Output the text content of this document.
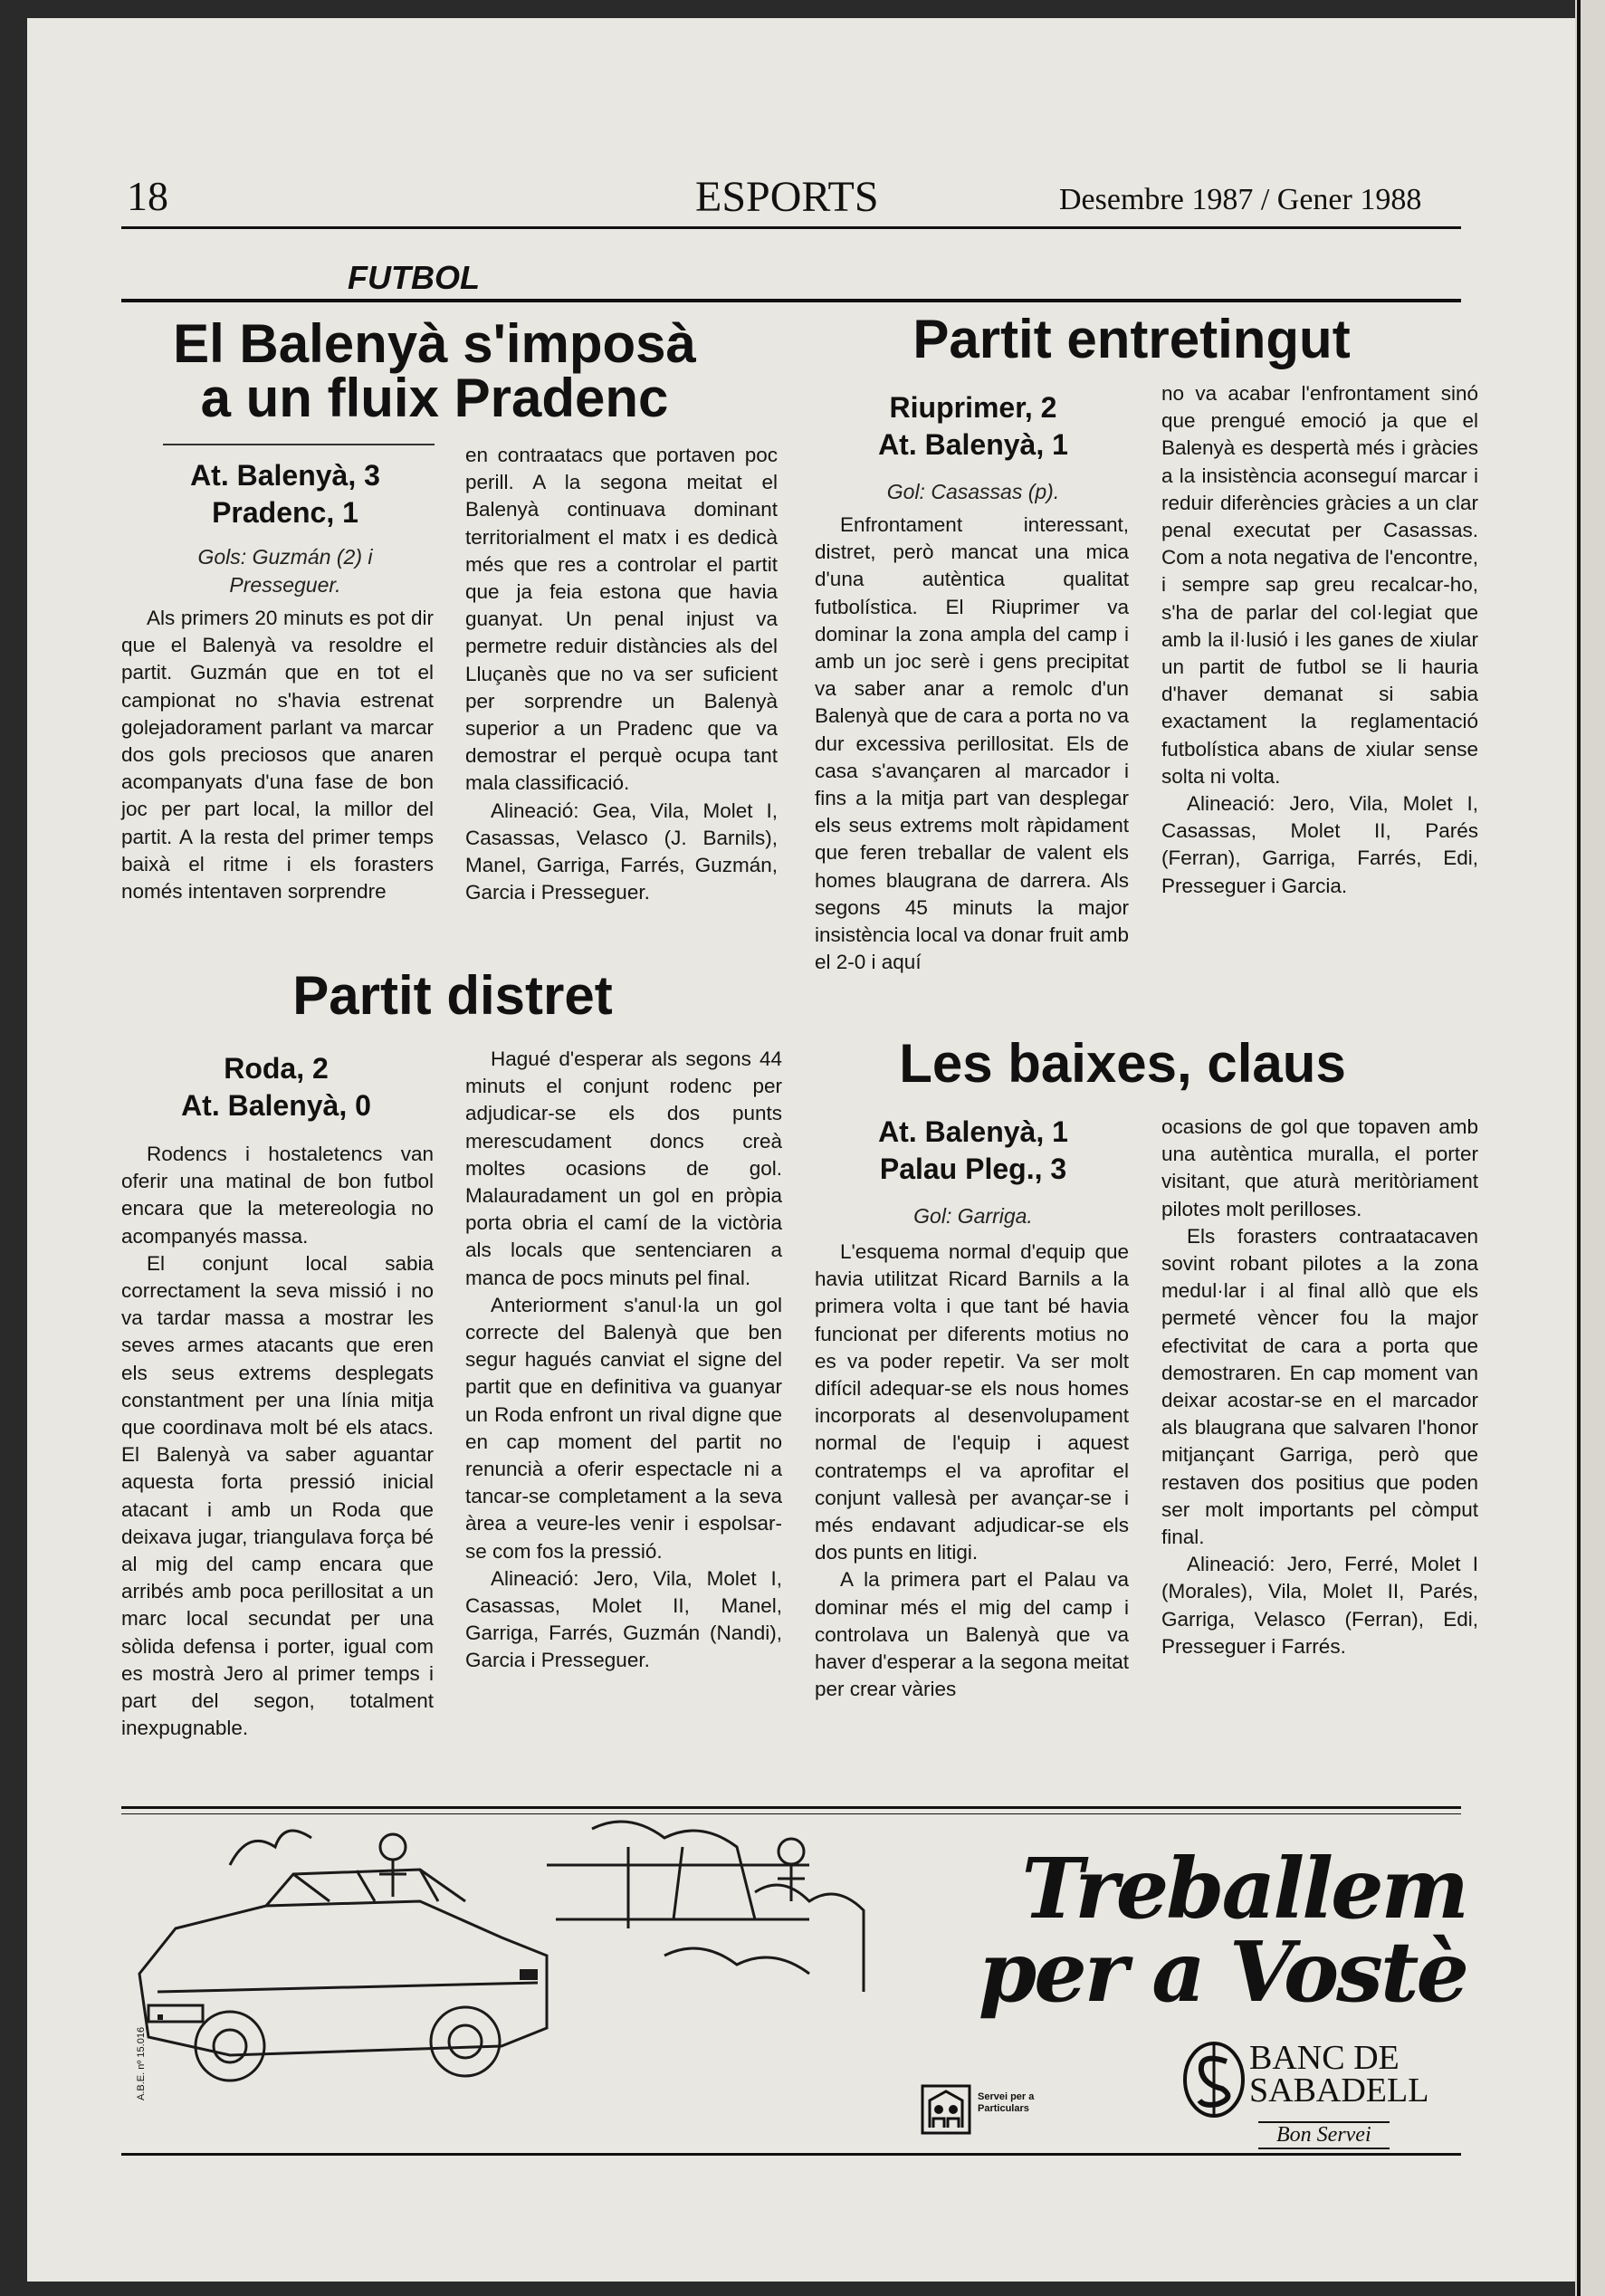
18	ESPORTS	Desembre 1987 / Gener 1988
FUTBOL
El Balenyà s'imposà
a un fluix Pradenc
At. Balenyà, 3
Pradenc, 1
Gols: Guzmán (2) i
Presseguer.

Als primers 20 minuts es pot dir que el Balenyà va resoldre el partit. Guzmán que en tot el campionat no s'havia estrenat golejadorament parlant va marcar dos gols preciosos que anaren acompanyats d'una fase de bon joc per part local, la millor del partit. A la resta del primer temps baixà el ritme i els forasters només intentaven sorprendre

en contraatacs que portaven poc perill. A la segona meitat el Balenyà continuava dominant territorialment el matx i es dedicà més que res a controlar el partit que ja feia estona que havia guanyat. Un penal injust va permetre reduir distàncies als del Lluçanès que no va ser suficient per sorprendre un Balenyà superior a un Pradenc que va demostrar el perquè ocupa tant mala classificació.

Alineació: Gea, Vila, Molet I, Casassas, Velasco (J. Barnils), Manel, Garriga, Farrés, Guzmán, Garcia i Presseguer.

Partit entretingut
Riuprimer, 2
At. Balenyà, 1
Gol: Casassas (p).

Enfrontament interessant, distret, però mancat una mica d'una autèntica qualitat futbolística. El Riuprimer va dominar la zona ampla del camp i amb un joc serè i gens precipitat va saber anar a remolc d'un Balenyà que de cara a porta no va dur excessiva perillositat. Els de casa s'avançaren al marcador i fins a la mitja part van desplegar els seus extrems molt ràpidament que feren treballar de valent els homes blaugrana de darrera. Als segons 45 minuts la major insistència local va donar fruit amb el 2-0 i aquí

no va acabar l'enfrontament sinó que prengué emoció ja que el Balenyà es despertà més i gràcies a la insistència aconseguí marcar i reduir diferències gràcies a un clar penal executat per Casassas. Com a nota negativa de l'encontre, i sempre sap greu recalcar-ho, s'ha de parlar del col·legiat que amb la il·lusió i les ganes de xiular un partit de futbol se li hauria d'haver demanat si sabia exactament la reglamentació futbolística abans de xiular sense solta ni volta.

Alineació: Jero, Vila, Molet I, Casassas, Molet II, Parés (Ferran), Garriga, Farrés, Edi, Presseguer i Garcia.

Partit distret
Roda, 2
At. Balenyà, 0

Rodencs i hostaletencs van oferir una matinal de bon futbol encara que la metereologia no acompanyés massa.

El conjunt local sabia correctament la seva missió i no va tardar massa a mostrar les seves armes atacants que eren els seus extrems desplegats constantment per una línia mitja que coordinava molt bé els atacs. El Balenyà va saber aguantar aquesta forta pressió inicial atacant i amb un Roda que deixava jugar, triangulava força bé al mig del camp encara que arribés amb poca perillositat a un marc local secundat per una sòlida defensa i porter, igual com es mostrà Jero al primer temps i part del segon, totalment inexpugnable.

Hagué d'esperar als segons 44 minuts el conjunt rodenc per adjudicar-se els dos punts merescudament doncs creà moltes ocasions de gol. Malauradament un gol en pròpia porta obria el camí de la victòria als locals que sentenciaren a manca de pocs minuts pel final.

Anteriorment s'anul·la un gol correcte del Balenyà que ben segur hagués canviat el signe del partit que en definitiva va guanyar un Roda enfront un rival digne que en cap moment del partit no renuncià a oferir espectacle ni a tancar-se completament a la seva àrea a veure-les venir i espolsar-se com fos la pressió.

Alineació: Jero, Vila, Molet I, Casassas, Molet II, Manel, Garriga, Farrés, Guzmán (Nandi), Garcia i Presseguer.

Les baixes, claus
At. Balenyà, 1
Palau Pleg., 3
Gol: Garriga.

L'esquema normal d'equip que havia utilitzat Ricard Barnils a la primera volta i que tant bé havia funcionat per diferents motius no es va poder repetir. Va ser molt difícil adequar-se els nous homes incorporats al desenvolupament normal de l'equip i aquest contratemps el va aprofitar el conjunt vallesà per avançar-se i més endavant adjudicar-se els dos punts en litigi.

A la primera part el Palau va dominar més el mig del camp i controlava un Balenyà que va haver d'esperar a la segona meitat per crear vàries

ocasions de gol que topaven amb una autèntica muralla, el porter visitant, que aturà meritòriament pilotes molt perilloses.

Els forasters contraatacaven sovint robant pilotes a la zona medul·lar i al final allò que els permeté vèncer fou la major efectivitat de cara a porta que demostraren. En cap moment van deixar acostar-se en el marcador als blaugrana que salvaren l'honor mitjançant Garriga, però que restaven dos positius que poden ser molt importants pel còmput final.

Alineació: Jero, Ferré, Molet I (Morales), Vila, Molet II, Parés, Garriga, Velasco (Ferran), Edi, Presseguer i Farrés.

A.B.E. nº 15.016
Treballem
per a Vostè
BANC DE
SABADELL
Bon Servei
Servei per a
Particulars
